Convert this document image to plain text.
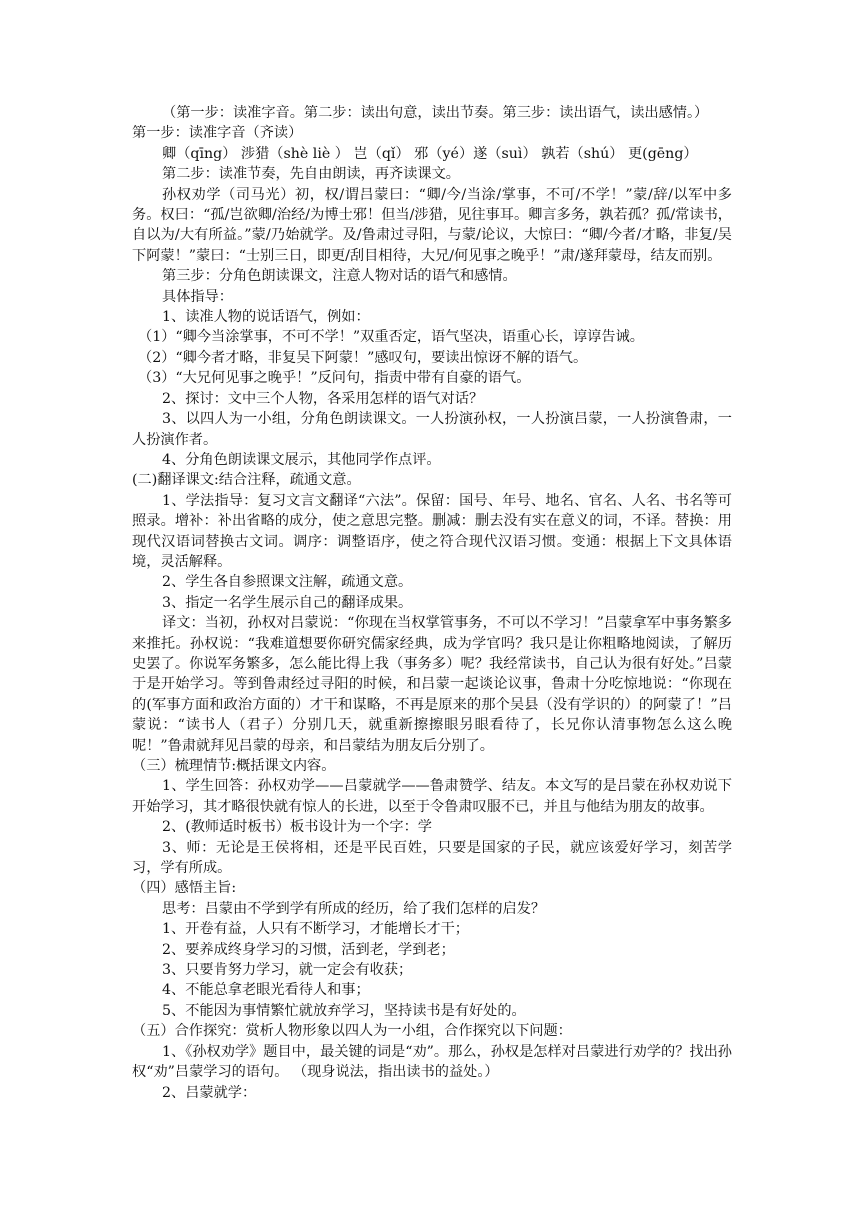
（第一步：读准字音。第二步：读出句意，读出节奏。第三步：读出语气，读出感情。）

第一步：读准字音（齐读）

卿（qīng） 涉猎（shè liè ） 岂（qǐ） 邪（yé）遂（suì） 孰若（shú） 更(gēng）

第二步：读准节奏，先自由朗读，再齐读课文。

孙权劝学（司马光）初，权/谓吕蒙曰：“卿/今/当涂/掌事，不可/不学！”蒙/辞/以军中多务。权曰：“孤/岂欲卿/治经/为博士邪！但当/涉猎，见往事耳。卿言多务，孰若孤？孤/常读书，自以为/大有所益。”蒙/乃始就学。及/鲁肃过寻阳，与蒙/论议，大惊曰：“卿/今者/才略，非复/吴下阿蒙！”蒙曰：“士别三日，即更/刮目相待，大兄/何见事之晚乎！”肃/遂拜蒙母，结友而别。

第三步：分角色朗读课文，注意人物对话的语气和感情。

具体指导：

1、读准人物的说话语气，例如：

（1）“卿今当涂掌事，不可不学！”双重否定，语气坚决，语重心长，谆谆告诫。

（2）“卿今者才略，非复吴下阿蒙！”感叹句，要读出惊讶不解的语气。

（3）“大兄何见事之晚乎！”反问句，指责中带有自豪的语气。

2、探讨：文中三个人物，各采用怎样的语气对话？

3、以四人为一小组，分角色朗读课文。一人扮演孙权，一人扮演吕蒙，一人扮演鲁肃，一人扮演作者。

4、分角色朗读课文展示，其他同学作点评。

(二)翻译课文:结合注释，疏通文意。

1、学法指导：复习文言文翻译“六法”。保留：国号、年号、地名、官名、人名、书名等可照录。增补：补出省略的成分，使之意思完整。删减：删去没有实在意义的词，不译。替换：用现代汉语词替换古文词。调序：调整语序，使之符合现代汉语习惯。变通：根据上下文具体语境，灵活解释。

2、学生各自参照课文注解，疏通文意。

3、指定一名学生展示自己的翻译成果。

译文：当初，孙权对吕蒙说：“你现在当权掌管事务，不可以不学习！”吕蒙拿军中事务繁多来推托。孙权说：“我难道想要你研究儒家经典，成为学官吗？我只是让你粗略地阅读，了解历史罢了。你说军务繁多，怎么能比得上我（事务多）呢？我经常读书，自己认为很有好处。”吕蒙于是开始学习。等到鲁肃经过寻阳的时候，和吕蒙一起谈论议事，鲁肃十分吃惊地说：“你现在的(军事方面和政治方面的）才干和谋略，不再是原来的那个吴县（没有学识的）的阿蒙了！”吕蒙说：“读书人（君子）分别几天，就重新擦擦眼另眼看待了，长兄你认清事物怎么这么晚呢！”鲁肃就拜见吕蒙的母亲，和吕蒙结为朋友后分别了。

（三）梳理情节:概括课文内容。

1、学生回答：孙权劝学——吕蒙就学——鲁肃赞学、结友。本文写的是吕蒙在孙权劝说下开始学习，其才略很快就有惊人的长进，以至于令鲁肃叹服不已，并且与他结为朋友的故事。

2、(教师适时板书）板书设计为一个字：学

3、师：无论是王侯将相，还是平民百姓，只要是国家的子民，就应该爱好学习，刻苦学习，学有所成。

（四）感悟主旨:

思考：吕蒙由不学到学有所成的经历，给了我们怎样的启发？

1、开卷有益，人只有不断学习，才能增长才干；

2、要养成终身学习的习惯，活到老，学到老；

3、只要肯努力学习，就一定会有收获；

4、不能总拿老眼光看待人和事；

5、不能因为事情繁忙就放弃学习，坚持读书是有好处的。

（五）合作探究：赏析人物形象以四人为一小组，合作探究以下问题：

1、《孙权劝学》题目中，最关键的词是“劝”。那么，孙权是怎样对吕蒙进行劝学的？找出孙权“劝”吕蒙学习的语句。 （现身说法，指出读书的益处。）

2、吕蒙就学：
